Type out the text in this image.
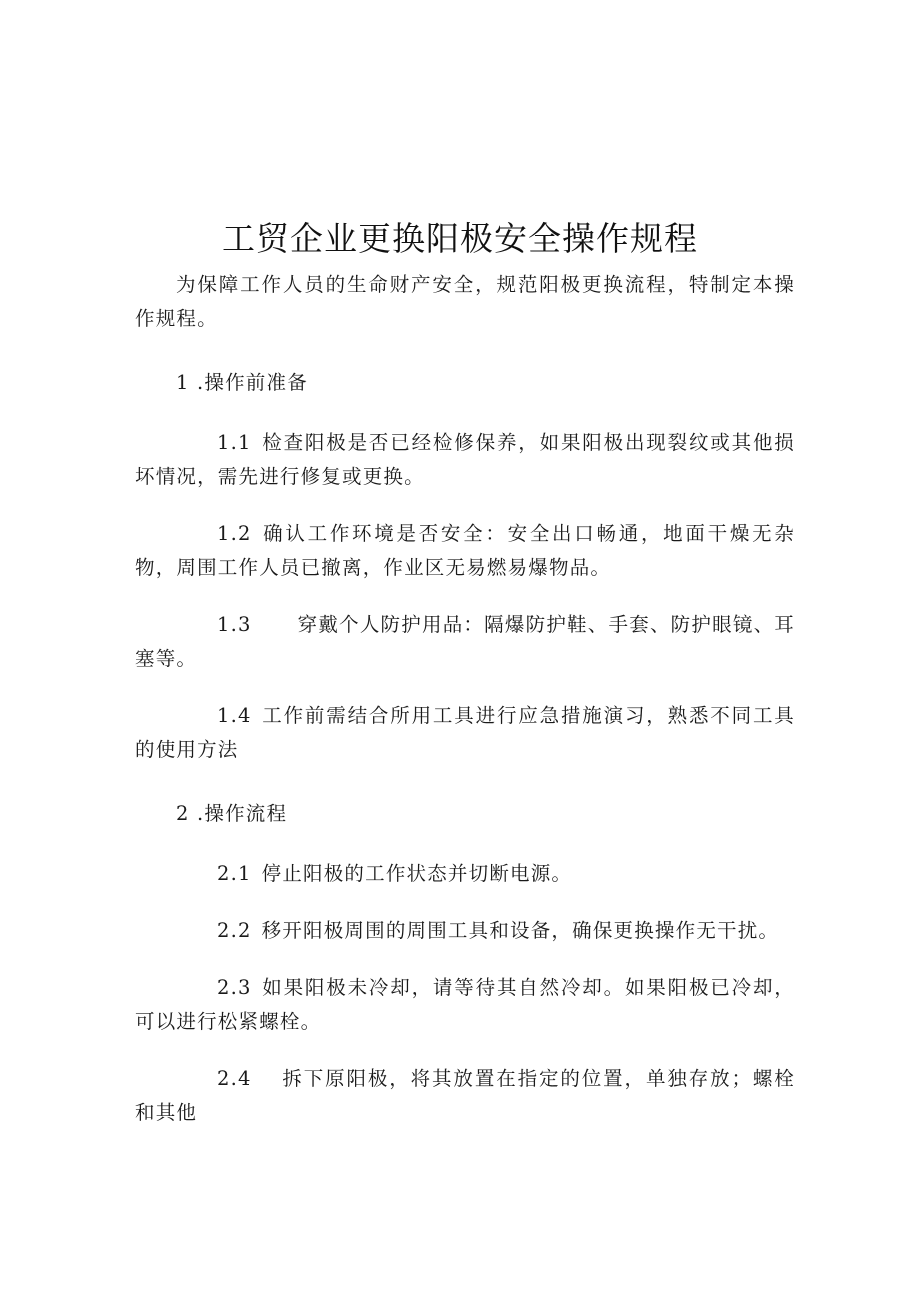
工贸企业更换阳极安全操作规程

为保障工作人员的生命财产安全，规范阳极更换流程，特制定本操作规程。

1 .操作前准备

1.1 检查阳极是否已经检修保养，如果阳极出现裂纹或其他损坏情况，需先进行修复或更换。

1.2 确认工作环境是否安全：安全出口畅通，地面干燥无杂物，周围工作人员已撤离，作业区无易燃易爆物品。

1.3 穿戴个人防护用品：隔爆防护鞋、手套、防护眼镜、耳塞等。

1.4 工作前需结合所用工具进行应急措施演习，熟悉不同工具的使用方法

2 .操作流程

2.1 停止阳极的工作状态并切断电源。

2.2 移开阳极周围的周围工具和设备，确保更换操作无干扰。

2.3 如果阳极未冷却，请等待其自然冷却。如果阳极已冷却，可以进行松紧螺栓。

2.4 拆下原阳极，将其放置在指定的位置，单独存放；螺栓和其他
